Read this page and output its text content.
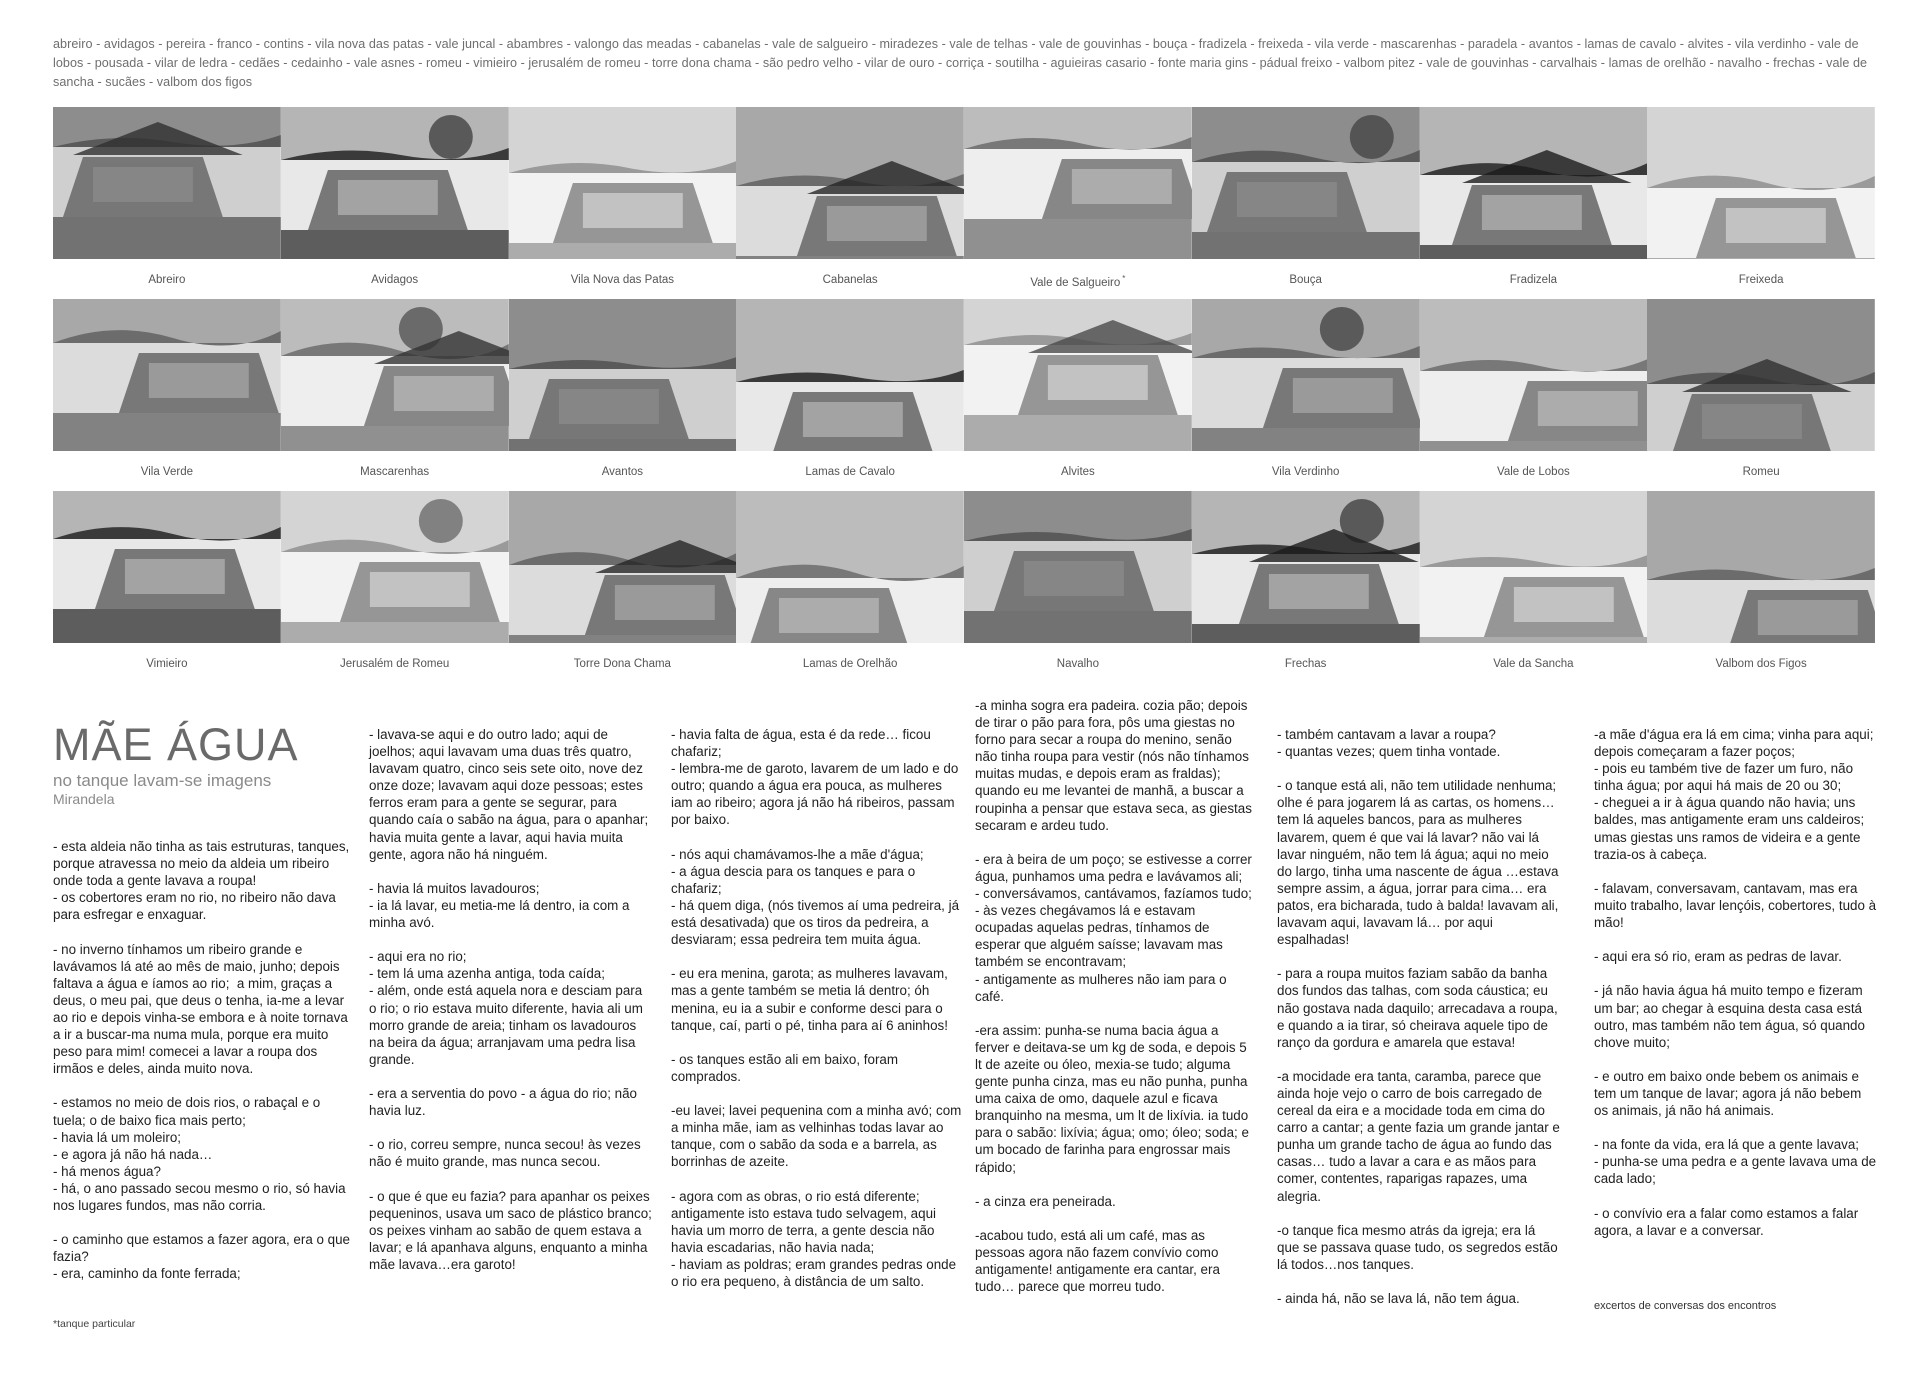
abreiro - avidagos - pereira - franco - contins - vila nova das patas - vale juncal - abambres - valongo das meadas - cabanelas - vale de salgueiro - miradezes - vale de telhas - vale de gouvinhas - bouça - fradizela - freixeda - vila verde - mascarenhas - paradela - avantos - lamas de cavalo - alvites - vila verdinho - vale de lobos - pousada - vilar de ledra - cedães - cedainho - vale asnes - romeu - vimieiro - jerusalém de romeu - torre dona chama - são pedro velho - vilar de ouro - corriça - soutilha - aguieiras casario - fonte maria gins - pádual freixo - valbom pitez - vale de gouvinhas - carvalhais - lamas de orelhão - navalho - frechas - vale de sancha - sucães - valbom dos figos
Abreiro	Avidagos	Vila Nova das Patas	Cabanelas	Vale de Salgueiro *	Bouça	Fradizela	Freixeda
Vila Verde	Mascarenhas	Avantos	Lamas de Cavalo	Alvites	Vila Verdinho	Vale de Lobos	Romeu
Vimieiro	Jerusalém de Romeu	Torre Dona Chama	Lamas de Orelhão	Navalho	Frechas	Vale da Sancha	Valbom dos Figos
MÃE ÁGUA
no tanque lavam-se imagens
Mirandela
- esta aldeia não tinha as tais estruturas, tanques, porque atravessa no meio da aldeia um ribeiro onde toda a gente lavava a roupa!
- os cobertores eram no rio, no ribeiro não dava para esfregar e enxaguar.

- no inverno tínhamos um ribeiro grande e lavávamos lá até ao mês de maio, junho; depois faltava a água e íamos ao rio;  a mim, graças a deus, o meu pai, que deus o tenha, ia-me a levar ao rio e depois vinha-se embora e à noite tornava a ir a buscar-ma numa mula, porque era muito peso para mim! comecei a lavar a roupa dos irmãos e deles, ainda muito nova.

- estamos no meio de dois rios, o rabaçal e o tuela; o de baixo fica mais perto;
- havia lá um moleiro;
- e agora já não há nada…
- há menos água?
- há, o ano passado secou mesmo o rio, só havia nos lugares fundos, mas não corria.

- o caminho que estamos a fazer agora, era o que fazia?
- era, caminho da fonte ferrada;
- lavava-se aqui e do outro lado; aqui de joelhos; aqui lavavam uma duas três quatro, lavavam quatro, cinco seis sete oito, nove dez onze doze; lavavam aqui doze pessoas; estes ferros eram para a gente se segurar, para quando caía o sabão na água, para o apanhar; havia muita gente a lavar, aqui havia muita gente, agora não há ninguém.

- havia lá muitos lavadouros;
- ia lá lavar, eu metia-me lá dentro, ia com a minha avó.

- aqui era no rio;
- tem lá uma azenha antiga, toda caída;
- além, onde está aquela nora e desciam para o rio; o rio estava muito diferente, havia ali um morro grande de areia; tinham os lavadouros na beira da água; arranjavam uma pedra lisa grande.

- era a serventia do povo - a água do rio; não havia luz.

- o rio, correu sempre, nunca secou! às vezes não é muito grande, mas nunca secou.

- o que é que eu fazia? para apanhar os peixes pequeninos, usava um saco de plástico branco; os peixes vinham ao sabão de quem estava a lavar; e lá apanhava alguns, enquanto a minha mãe lavava…era garoto!
- havia falta de água, esta é da rede… ficou chafariz;
- lembra-me de garoto, lavarem de um lado e do outro; quando a água era pouca, as mulheres iam ao ribeiro; agora já não há ribeiros, passam por baixo.

- nós aqui chamávamos-lhe a mãe d'água;
- a água descia para os tanques e para o chafariz;
- há quem diga, (nós tivemos aí uma pedreira, já está desativada) que os tiros da pedreira, a desviaram; essa pedreira tem muita água.

- eu era menina, garota; as mulheres lavavam, mas a gente também se metia lá dentro; óh menina, eu ia a subir e conforme desci para o tanque, caí, parti o pé, tinha para aí 6 aninhos!

- os tanques estão ali em baixo, foram comprados.

-eu lavei; lavei pequenina com a minha avó; com a minha mãe, iam as velhinhas todas lavar ao tanque, com o sabão da soda e a barrela, as borrinhas de azeite.

- agora com as obras, o rio está diferente; antigamente isto estava tudo selvagem, aqui havia um morro de terra, a gente descia não havia escadarias, não havia nada;
- haviam as poldras; eram grandes pedras onde o rio era pequeno, à distância de um salto.
-a minha sogra era padeira. cozia pão; depois de tirar o pão para fora, pôs uma giestas no forno para secar a roupa do menino, senão não tinha roupa para vestir (nós não tínhamos muitas mudas, e depois eram as fraldas); quando eu me levantei de manhã, a buscar a roupinha a pensar que estava seca, as giestas secaram e ardeu tudo.

- era à beira de um poço; se estivesse a correr água, punhamos uma pedra e lavávamos ali;
- conversávamos, cantávamos, fazíamos tudo;
- às vezes chegávamos lá e estavam ocupadas aquelas pedras, tínhamos de esperar que alguém saísse; lavavam mas também se encontravam;
- antigamente as mulheres não iam para o café.

-era assim: punha-se numa bacia água a ferver e deitava-se um kg de soda, e depois 5 lt de azeite ou óleo, mexia-se tudo; alguma gente punha cinza, mas eu não punha, punha uma caixa de omo, daquele azul e ficava branquinho na mesma, um lt de lixívia. ia tudo para o sabão: lixívia; água; omo; óleo; soda; e um bocado de farinha para engrossar mais rápido;

- a cinza era peneirada.

-acabou tudo, está ali um café, mas as pessoas agora não fazem convívio como antigamente! antigamente era cantar, era tudo… parece que morreu tudo.
- também cantavam a lavar a roupa?
- quantas vezes; quem tinha vontade.

- o tanque está ali, não tem utilidade nenhuma; olhe é para jogarem lá as cartas, os homens… tem lá aqueles bancos, para as mulheres lavarem, quem é que vai lá lavar? não vai lá lavar ninguém, não tem lá água; aqui no meio do largo, tinha uma nascente de água …estava sempre assim, a água, jorrar para cima… era patos, era bicharada, tudo à balda! lavavam ali, lavavam aqui, lavavam lá… por aqui espalhadas!

- para a roupa muitos faziam sabão da banha dos fundos das talhas, com soda cáustica; eu não gostava nada daquilo; arrecadava a roupa, e quando a ia tirar, só cheirava aquele tipo de ranço da gordura e amarela que estava!

-a mocidade era tanta, caramba, parece que ainda hoje vejo o carro de bois carregado de cereal da eira e a mocidade toda em cima do carro a cantar; a gente fazia um grande jantar e punha um grande tacho de água ao fundo das casas… tudo a lavar a cara e as mãos para comer, contentes, raparigas rapazes, uma alegria.

-o tanque fica mesmo atrás da igreja; era lá que se passava quase tudo, os segredos estão lá todos…nos tanques.

- ainda há, não se lava lá, não tem água.
-a mãe d'água era lá em cima; vinha para aqui; depois começaram a fazer poços;
- pois eu também tive de fazer um furo, não tinha água; por aqui há mais de 20 ou 30;
- cheguei a ir à água quando não havia; uns baldes, mas antigamente eram uns caldeiros; umas giestas uns ramos de videira e a gente trazia-os à cabeça.

- falavam, conversavam, cantavam, mas era muito trabalho, lavar lençóis, cobertores, tudo à mão!

- aqui era só rio, eram as pedras de lavar.

- já não havia água há muito tempo e fizeram um bar; ao chegar à esquina desta casa está outro, mas também não tem água, só quando chove muito;

- e outro em baixo onde bebem os animais e tem um tanque de lavar; agora já não bebem os animais, já não há animais.

- na fonte da vida, era lá que a gente lavava;
- punha-se uma pedra e a gente lavava uma de cada lado;

- o convívio era a falar como estamos a falar agora, a lavar e a conversar.
*tanque particular
excertos de conversas dos encontros
